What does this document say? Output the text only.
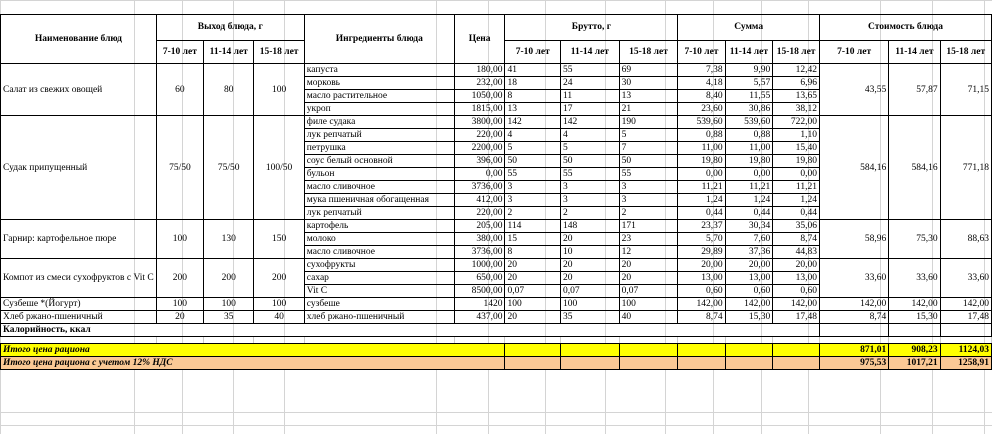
Наименование блюд	Выход блюда, г			Ингредиенты блюда	Цена	Брутто, г			Сумма			Стоимость блюда		
	7-10 лет	11-14 лет	15-18 лет			7-10 лет	11-14 лет	15-18 лет	7-10 лет	11-14 лет	15-18 лет	7-10 лет	11-14 лет	15-18 лет
Салат из свежих овощей	60	80	100	капуста	180,00	41	55	69	7,38	9,90	12,42	43,55	57,87	71,15
				морковь	232,00	18	24	30	4,18	5,57	6,96			
				масло растительное	1050,00	8	11	13	8,40	11,55	13,65			
				укроп	1815,00	13	17	21	23,60	30,86	38,12			
Судак припущенный	75/50	75/50	100/50	филе судака	3800,00	142	142	190	539,60	539,60	722,00	584,16	584,16	771,18
				лук репчатый	220,00	4	4	5	0,88	0,88	1,10			
				петрушка	2200,00	5	5	7	11,00	11,00	15,40			
				соус белый основной	396,00	50	50	50	19,80	19,80	19,80			
				бульон	0,00	55	55	55	0,00	0,00	0,00			
				масло сливочное	3736,00	3	3	3	11,21	11,21	11,21			
				мука пшеничная обогащенная	412,00	3	3	3	1,24	1,24	1,24			
				лук репчатый	220,00	2	2	2	0,44	0,44	0,44			
Гарнир: картофельное пюре	100	130	150	картофель	205,00	114	148	171	23,37	30,34	35,06	58,96	75,30	88,63
				молоко	380,00	15	20	23	5,70	7,60	8,74			
				масло сливочное	3736,00	8	10	12	29,89	37,36	44,83			
Компот из смеси сухофруктов с Vit C	200	200	200	сухофрукты	1000,00	20	20	20	20,00	20,00	20,00	33,60	33,60	33,60
				сахар	650,00	20	20	20	13,00	13,00	13,00			
				Vit C	8500,00	0,07	0,07	0,07	0,60	0,60	0,60			
Сузбеше *(Йогурт)	100	100	100	сузбеше	1420	100	100	100	142,00	142,00	142,00	142,00	142,00	142,00
Хлеб ржано-пшеничный	20	35	40	хлеб ржано-пшеничный	437,00	20	35	40	8,74	15,30	17,48	8,74	15,30	17,48
Калорийность, ккал														

Итого цена рациона												871,01	908,23	1124,03
Итого цена рациона с учетом 12% НДС												975,53	1017,21	1258,91
